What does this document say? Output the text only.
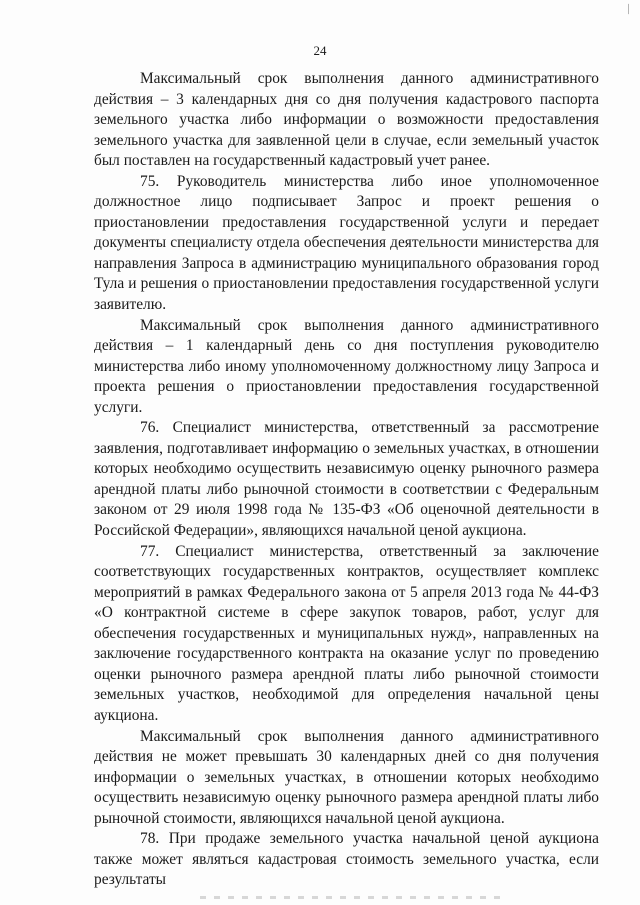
—
24

Максимальный срок выполнения данного административного действия – 3 календарных дня со дня получения кадастрового паспорта земельного участка либо информации о возможности предоставления земельного участка для заявленной цели в случае, если земельный участок был поставлен на государственный кадастровый учет ранее.

75. Руководитель министерства либо иное уполномоченное должностное лицо подписывает Запрос и проект решения о приостановлении предоставления государственной услуги и передает документы специалисту отдела обеспечения деятельности министерства для направления Запроса в администрацию муниципального образования город Тула и решения о приостановлении предоставления государственной услуги заявителю.

Максимальный срок выполнения данного административного действия – 1 календарный день со дня поступления руководителю министерства либо иному уполномоченному должностному лицу Запроса и проекта решения о приостановлении предоставления государственной услуги.

76. Специалист министерства, ответственный за рассмотрение заявления, подготавливает информацию о земельных участках, в отношении которых необходимо осуществить независимую оценку рыночного размера арендной платы либо рыночной стоимости в соответствии с Федеральным законом от 29 июля 1998 года № 135-ФЗ «Об оценочной деятельности в Российской Федерации», являющихся начальной ценой аукциона.

77. Специалист министерства, ответственный за заключение соответствующих государственных контрактов, осуществляет комплекс мероприятий в рамках Федерального закона от 5 апреля 2013 года № 44-ФЗ «О контрактной системе в сфере закупок товаров, работ, услуг для обеспечения государственных и муниципальных нужд», направленных на заключение государственного контракта на оказание услуг по проведению оценки рыночного размера арендной платы либо рыночной стоимости земельных участков, необходимой для определения начальной цены аукциона.

Максимальный срок выполнения данного административного действия не может превышать 30 календарных дней со дня получения информации о земельных участках, в отношении которых необходимо осуществить независимую оценку рыночного размера арендной платы либо рыночной стоимости, являющихся начальной ценой аукциона.

78. При продаже земельного участка начальной ценой аукциона также может являться кадастровая стоимость земельного участка, если результаты
